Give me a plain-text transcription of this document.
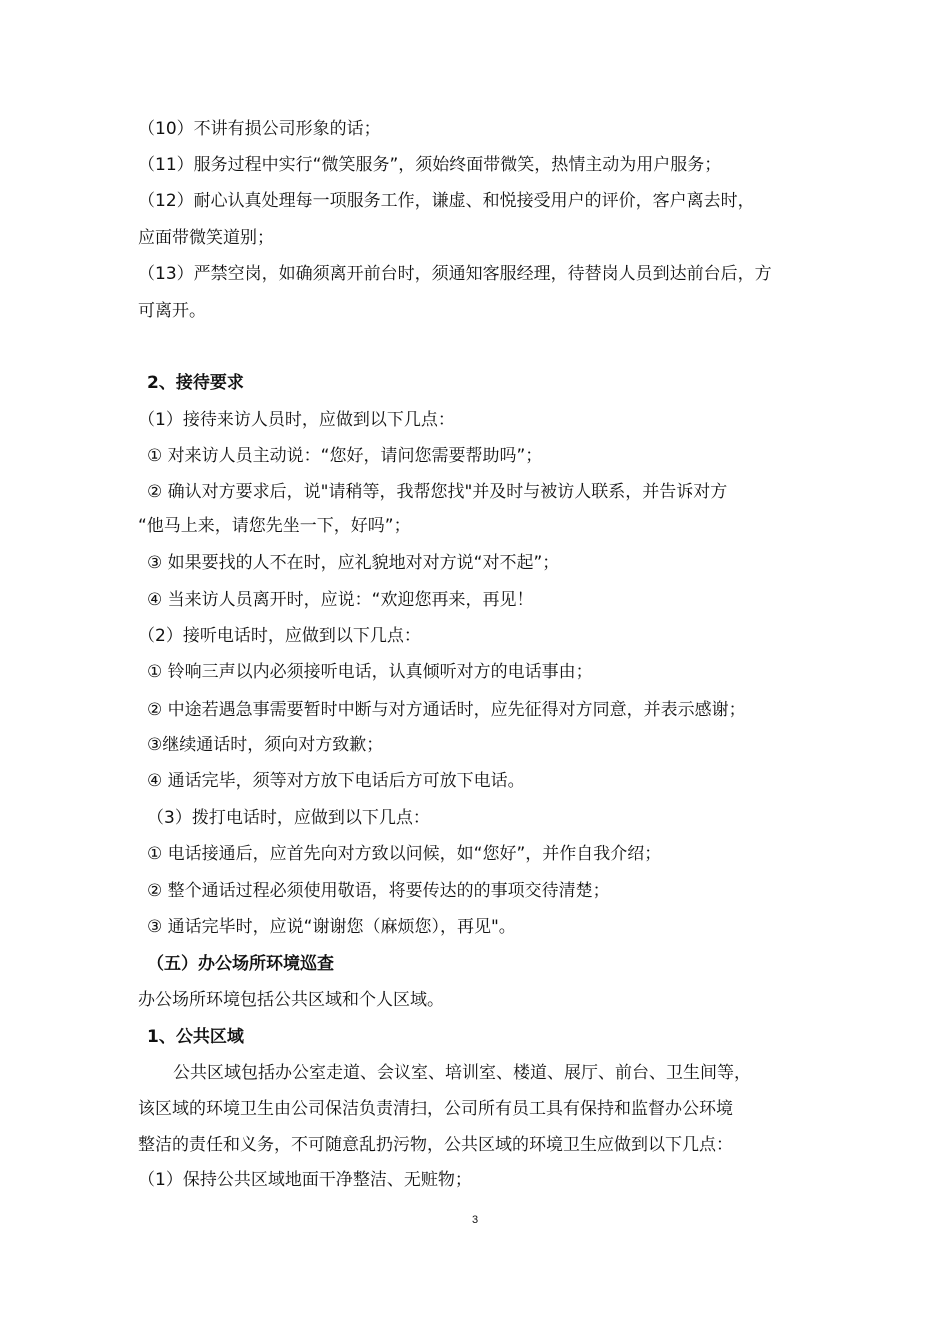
（10）不讲有损公司形象的话；
（11）服务过程中实行“微笑服务”，须始终面带微笑，热情主动为用户服务；
（12）耐心认真处理每一项服务工作，谦虚、和悦接受用户的评价，客户离去时，
应面带微笑道别；
（13）严禁空岗，如确须离开前台时，须通知客服经理，待替岗人员到达前台后，方
可离开。
2、接待要求
（1）接待来访人员时，应做到以下几点：
① 对来访人员主动说：“您好，请问您需要帮助吗”；
② 确认对方要求后，说"请稍等，我帮您找"并及时与被访人联系，并告诉对方
“他马上来，请您先坐一下，好吗”；
③ 如果要找的人不在时，应礼貌地对对方说“对不起”；
④ 当来访人员离开时，应说：“欢迎您再来，再见！
（2）接听电话时，应做到以下几点：
① 铃响三声以内必须接听电话，认真倾听对方的电话事由；
② 中途若遇急事需要暂时中断与对方通话时，应先征得对方同意，并表示感谢；
③继续通话时，须向对方致歉；
④ 通话完毕，须等对方放下电话后方可放下电话。
（3）拨打电话时，应做到以下几点：
① 电话接通后，应首先向对方致以问候，如“您好”，并作自我介绍；
② 整个通话过程必须使用敬语，将要传达的的事项交待清楚；
③ 通话完毕时，应说“谢谢您（麻烦您），再见"。
（五）办公场所环境巡查
办公场所环境包括公共区域和个人区域。
1、公共区域
公共区域包括办公室走道、会议室、培训室、楼道、展厅、前台、卫生间等，
该区域的环境卫生由公司保洁负责清扫，公司所有员工具有保持和监督办公环境
整洁的责任和义务，不可随意乱扔污物，公共区域的环境卫生应做到以下几点：
（1）保持公共区域地面干净整洁、无赃物；
3
